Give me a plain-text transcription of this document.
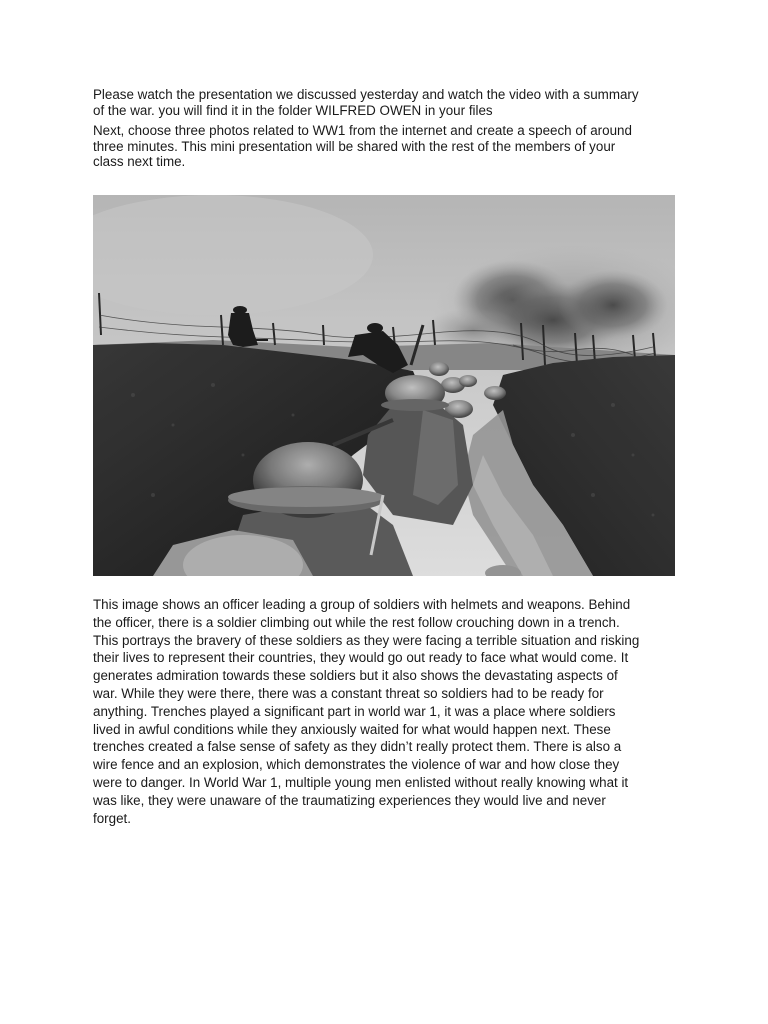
Please watch the presentation we discussed yesterday and watch the video with a summary
of the war. you will find it in the folder WILFRED OWEN in your files

Next, choose three photos related to WW1 from the internet and create a speech of around
three minutes. This mini presentation will be shared with the rest of the members of your
class next time.

This image shows an officer leading a group of soldiers with helmets and weapons. Behind
the officer, there is a soldier climbing out while the rest follow crouching down in a trench.
This portrays the bravery of these soldiers as they were facing a terrible situation and risking
their lives to represent their countries, they would go out ready to face what would come. It
generates admiration towards these soldiers but it also shows the devastating aspects of
war. While they were there, there was a constant threat so soldiers had to be ready for
anything. Trenches played a significant part in world war 1, it was a place where soldiers
lived in awful conditions while they anxiously waited for what would happen next. These
trenches created a false sense of safety as they didn’t really protect them. There is also a
wire fence and an explosion, which demonstrates the violence of war and how close they
were to danger. In World War 1, multiple young men enlisted without really knowing what it
was like, they were unaware of the traumatizing experiences they would live and never
forget.
